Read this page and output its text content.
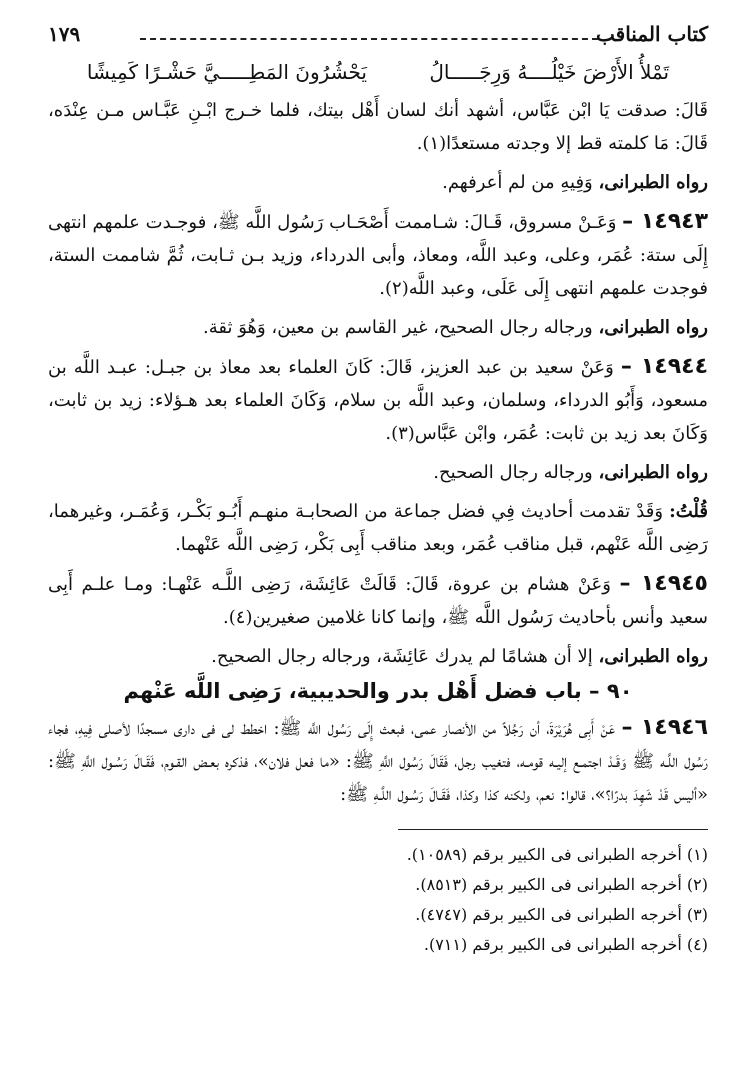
كتاب المناقب
١٧٩
تَمْلأُ الأَرْضَ خَيْلُــــهُ وَرِجَـــــالُ يَحْشُرُونَ المَطِـــــيَّ حَشْـرًا كَمِيشًا

قَالَ: صدقت يَا ابْن عَبَّاس، أشهد أنك لسان أَهْل بيتك، فلما خـرج ابْـنِ عَبَّـاس مـن عِنْدَه، قَالَ: مَا كلمته قط إلا وجدته مستعدًا(١).

رواه الطبرانى، وَفِيهِ من لم أعرفهم.

١٤٩٤٣ – وَعَـنْ مسروق، قَـالَ: شـاممت أَصْحَـاب رَسُول اللَّه ﷺ، فوجـدت علمهم انتهى إِلَى ستة: عُمَر، وعلى، وعبد اللَّه، ومعاذ، وأبى الدرداء، وزيد بـن ثـابت، ثُمَّ شاممت الستة، فوجدت علمهم انتهى إِلَى عَلَى، وعبد اللَّه(٢).

رواه الطبرانى، ورجاله رجال الصحيح، غير القاسم بن معين، وَهُوَ ثقة.

١٤٩٤٤ – وَعَنْ سعيد بن عبد العزيز، قَالَ: كَانَ العلماء بعد معاذ بن جبـل: عبـد اللَّه بن مسعود، وَأَبُو الدرداء، وسلمان، وعبد اللَّه بن سلام، وَكَانَ العلماء بعد هـؤلاء: زيد بن ثابت، وَكَانَ بعد زيد بن ثابت: عُمَر، وابْن عَبَّاس(٣).

رواه الطبرانى، ورجاله رجال الصحيح.

قُلْتُ: وَقَدْ تقدمت أحاديث فِي فضل جماعة من الصحابـة منهـم أَبُـو بَكْـر، وَعُمَـر، وغيرهما، رَضِى اللَّه عَنْهم، قبل مناقب عُمَر، وبعد مناقب أَبِى بَكْر، رَضِى اللَّه عَنْهما.

١٤٩٤٥ – وَعَنْ هشام بن عروة، قَالَ: قَالَتْ عَائِشَة، رَضِى اللَّـه عَنْهـا: ومـا علـم أَبِى سعيد وأنس بأحاديث رَسُول اللَّه ﷺ، وإنما كانا غلامين صغيرين(٤).

رواه الطبرانى، إلا أن هشامًا لم يدرك عَائِشَة، ورجاله رجال الصحيح.

٩٠ – باب فضل أَهْل بدر والحديبية، رَضِى اللَّه عَنْهم

١٤٩٤٦ – عَنْ أَبِى هُرَيْرَةَ، أن رَجُلاً من الأنصار عمى، فبعث إِلَى رَسُول اللَّه ﷺ: اخطط لى فى دارى مسجدًا لأصلى فِيهِ، فجاء رَسُول اللَّـه ﷺ وَقَـدْ اجتمـع إليـه قومـه، فتغيب رجل، فَقَالَ رَسُول اللَّهِ ﷺ: «ما فعل فلان»، فذكره بعـض القـوم، فَقَـالَ رَسُـول اللَّهِ ﷺ: «أليس قَدْ شَهِدَ بدرًا؟»، قالوا: نعم، ولكنه كذا وكذا، فَقَـالَ رَسُـول اللَّـهِ ﷺ:

(١) أخرجه الطبرانى فى الكبير برقم (١٠٥٨٩).
(٢) أخرجه الطبرانى فى الكبير برقم (٨٥١٣).
(٣) أخرجه الطبرانى فى الكبير برقم (٤٧٤٧).
(٤) أخرجه الطبرانى فى الكبير برقم (٧١١).
